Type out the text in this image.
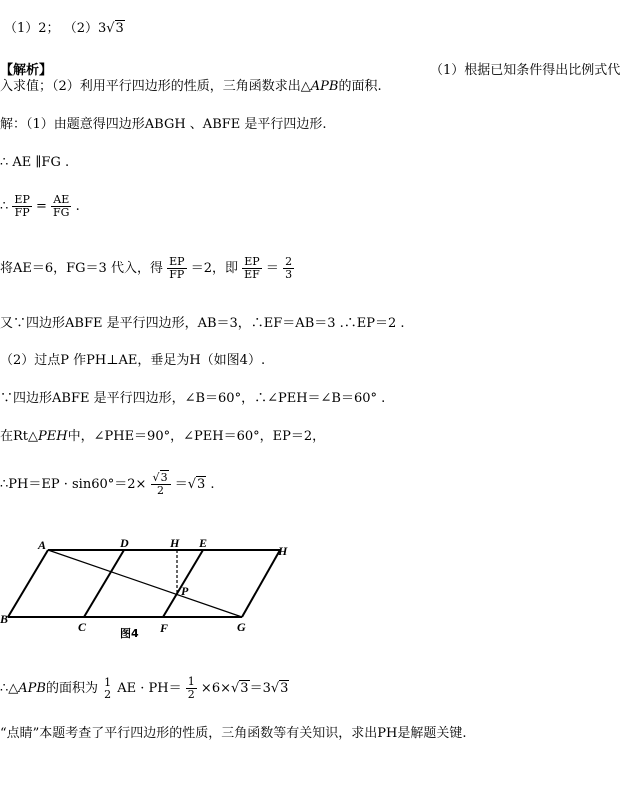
（1）2； （2）3√3
【解析】	（1）根据已知条件得出比例式代
入求值；（2）利用平行四边形的性质，三角函数求出△APB的面积.
解：（1）由题意得四边形ABGH 、ABFE 是平行四边形.
∴ AE ∥FG .
∴ $\frac{EP}{FP} = \frac{AE}{FG}$ .
将AE＝6，FG＝3 代入，得 $\frac{EP}{FP} =2$，即 $\frac{EP}{EF} = \frac{2}{3}$
又∵四边形ABFE 是平行四边形，AB＝3，∴EF＝AB＝3 .∴EP＝2 .
（2）过点P 作PH⊥AE，垂足为H（如图4）.
∵四边形ABFE 是平行四边形，∠B＝60°，∴∠PEH＝∠B＝60° .
在Rt△PEH中，∠PHE＝90°，∠PEH＝60°，EP＝2，
∴PH＝EP · $\sin 60^\circ=2\times \frac{√3}{2} =√3$ .
A	D	H E
H
P
B
C	F	G
图4
∴△APB的面积为 1
2 AE · $PH= \frac{1}{2} \times 6\times√3=3√3$
“点睛”本题考查了平行四边形的性质，三角函数等有关知识，求出PH是解题关键.
